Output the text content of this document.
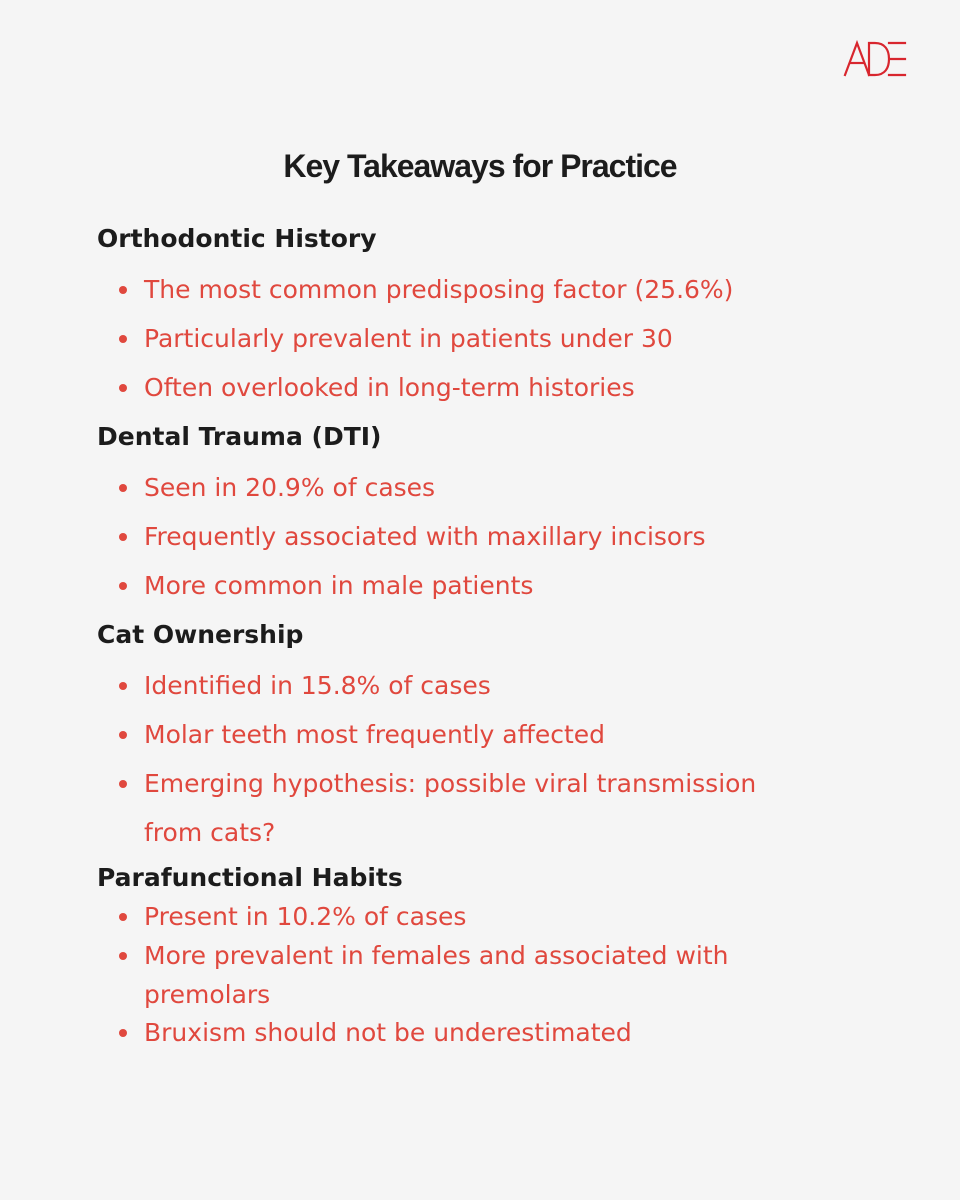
Key Takeaways for Practice
Orthodontic History

The most common predisposing factor (25.6%)

Particularly prevalent in patients under 30

Often overlooked in long-term histories

Dental Trauma (DTI)

Seen in 20.9% of cases

Frequently associated with maxillary incisors

More common in male patients

Cat Ownership

Identified in 15.8% of cases

Molar teeth most frequently affected

Emerging hypothesis: possible viral transmission
from cats?

Parafunctional Habits

Present in 10.2% of cases

More prevalent in females and associated with
premolars

Bruxism should not be underestimated
